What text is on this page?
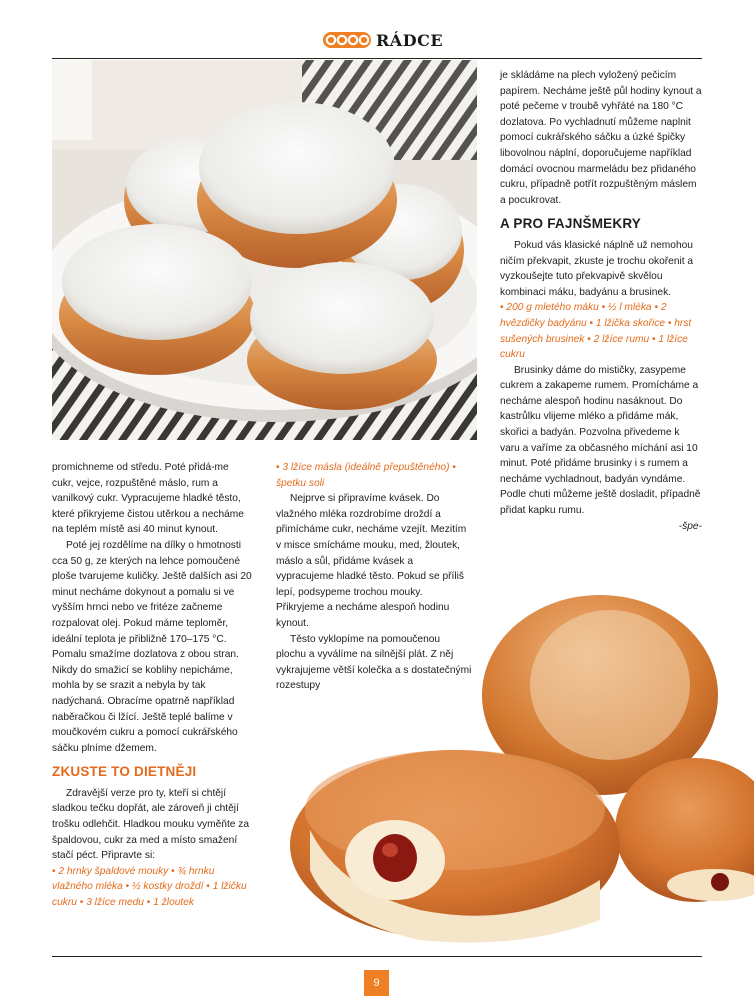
RÁDCE

promichneme od středu. Poté přidá-me cukr, vejce, rozpuštěné máslo, rum a vanilkový cukr. Vypracujeme hladké těsto, které přikryjeme čistou utěrkou a necháme na teplém místě asi 40 minut kynout.

Poté jej rozdělíme na dílky o hmotnosti cca 50 g, ze kterých na lehce pomoučené ploše tvarujeme kuličky. Ještě dalších asi 20 minut necháme dokynout a pomalu si ve vyšším hrnci nebo ve fritéze začneme rozpalovat olej. Pokud máme teploměr, ideální teplota je přibližně 170–175 °C. Pomalu smažíme dozlatova z obou stran. Nikdy do smažicí se koblihy nepicháme, mohla by se srazit a nebyla by tak nadýchaná. Obracíme opatrně například naběračkou či lžící. Ještě teplé balíme v moučkovém cukru a pomocí cukrářského sáčku plníme džemem.

ZKUSTE TO DIETNĚJI

Zdravější verze pro ty, kteří si chtějí sladkou tečku dopřát, ale zároveň ji chtějí trošku odlehčit. Hladkou mouku vyměňte za špaldovou, cukr za med a místo smažení stačí péct. Připravte si:

• 2 hrnky špaldové mouky • ¾ hrnku vlažného mléka • ½ kostky droždí • 1 lžičku cukru • 3 lžíce medu • 1 žloutek

• 3 lžíce másla (ideálně přepuštěného) • špetku soli

Nejprve si připravíme kvásek. Do vlažného mléka rozdrobíme droždí a přimícháme cukr, necháme vzejít. Mezitím v misce smícháme mouku, med, žloutek, máslo a sůl, přidáme kvásek a vypracujeme hladké těsto. Pokud se příliš lepí, podsypeme trochou mouky. Přikryjeme a necháme alespoň hodinu kynout.

Těsto vyklopíme na pomoučenou plochu a vyválíme na silnější plát. Z něj vykrajujeme větší kolečka a s dostatečnými rozestupy

je skládáme na plech vyložený pečicím papírem. Necháme ještě půl hodiny kynout a poté pečeme v troubě vyhřáté na 180 °C dozlatova. Po vychladnutí můžeme naplnit pomocí cukrářského sáčku a úzké špičky libovolnou náplní, doporučujeme například domácí ovocnou marmeládu bez přidaného cukru, případně potřít rozpuštěným máslem a pocukrovat.

A PRO FAJNŠMEKRY

Pokud vás klasické náplně už nemohou ničím překvapit, zkuste je trochu okořenit a vyzkoušejte tuto překvapivě skvělou kombinaci máku, badyánu a brusinek.

• 200 g mletého máku • ½ l mléka • 2 hvězdičky badyánu • 1 lžička skořice • hrst sušených brusinek • 2 lžíce rumu • 1 lžíce cukru

Brusinky dáme do mističky, zasypeme cukrem a zakapeme rumem. Promícháme a necháme alespoň hodinu nasáknout. Do kastrůlku vlijeme mléko a přidáme mák, skořici a badyán. Pozvolna přivedeme k varu a vaříme za občasného míchání asi 10 minut. Poté přidáme brusinky i s rumem a necháme vychladnout, badyán vyndáme. Podle chuti můžeme ještě dosladit, případně přidat kapku rumu.

-špe-

9
